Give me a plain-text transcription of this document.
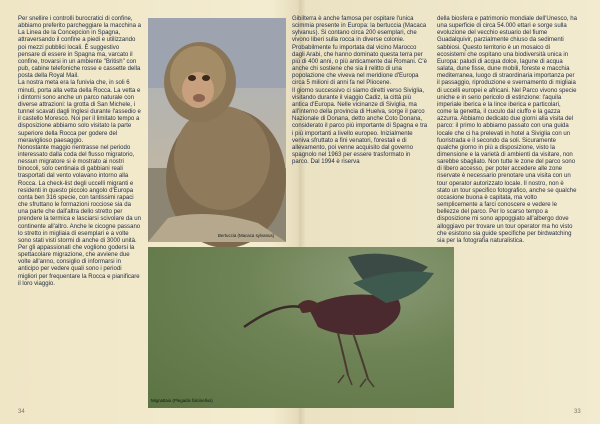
Per snellire i controlli burocratici di confine, abbiamo preferito parcheggiare la macchina a La Linea de la Concepcion in Spagna, attraversando il confine a piedi e utilizzando poi mezzi pubblici locali. È suggestivo pensare di essere in Spagna ma, varcato il confine, trovarsi in un ambiente "British" con pub, cabine telefoniche rosse e cassette della posta della Royal Mail.
La nostra meta era la funivia che, in soli 6 minuti, porta alla vetta della Rocca. La vetta e i dintorni sono anche un parco naturale con diverse attrazioni: la grotta di San Michele, i tunnel scavati dagli Inglesi durante l'assedio e il castello Moresco. Noi per il limitato tempo a disposizione abbiamo solo visitato la parte superiore della Rocca per godere del meraviglioso paesaggio.
Nonostante maggio rientrasse nel periodo interessato dalla coda del flusso migratorio, nessun migratore si è mostrato ai nostri binocoli, solo centinaia di gabbiani reali trasportati dal vento volavano intorno alla Rocca. La check-list degli uccelli migranti e residenti in questo piccolo angolo d'Europa conta ben 316 specie, con tantissimi rapaci che sfruttano le formazioni rocciose sia da una parte che dall'altra dello stretto per prendere la termica e lasciarsi scivolare da un continente all'altro. Anche le cicogne passano lo stretto in migliaia di esemplari e a volte sono stati visti stormi di anche di 3000 unità. Per gli appassionati che vogliono godersi la spettacolare migrazione, che avviene due volte all'anno, consiglio di informarsi in anticipo per vedere quali sono i periodi migliori per frequentare la Rocca e pianificare il loro viaggio.
Bertuccia (Macaca sylvanus)
Gibilterra è anche famosa per ospitare l'unica scimmia presente in Europa: la bertuccia (Macaca sylvanus). Si contano circa 200 esemplari, che vivono liberi sulla rocca in diverse colonie. Probabilmente fu importata dal vicino Marocco dagli Arabi, che hanno dominato questa terra per più di 400 anni, o più anticamente dai Romani. C'è anche chi sostiene che sia il relitto di una popolazione che viveva nel meridione d'Europa circa 5 milioni di anni fa nel Pliocene.
Il giorno successivo ci siamo diretti verso Siviglia, visitando durante il viaggio Cadiz, la città più antica d'Europa. Nelle vicinanze di Siviglia, ma all'interno della provincia di Huelva, sorge il parco Nazionale di Donana, detto anche Coto Donana, considerato il parco più importante di Spagna e tra i più importanti a livello europeo. Inizialmente veniva sfruttato a fini venatori, forestali e di allevamento, poi venne acquisito dal governo spagnolo nel 1963 per essere trasformato in parco. Dal 1994 è riserva
Mignattaio (Plegadis falcinellus)
della biosfera e patrimonio mondiale dell'Unesco, ha una superficie di circa 54.000 ettari e sorge sulla evoluzione del vecchio estuario del fiume Guadalquivir, parzialmente chiuso da sedimenti sabbiosi. Questo territorio è un mosaico di ecosistemi che ospitano una biodiversità unica in Europa: paludi di acqua dolce, lagune di acqua salata, dune fisse, dune mobili, foreste e macchia mediterranea, luogo di straordinaria importanza per il passaggio, riproduzione e svernamento di migliaia di uccelli europei e africani. Nel Parco vivono specie uniche e in serio pericolo di estinzione: l'aquila imperiale iberica e la lince iberica e particolari, come la genetta, il cuculo dal ciuffo e la gazza azzurra. Abbiamo dedicato due giorni alla visita del parco: il primo lo abbiamo passato con una guida locale che ci ha prelevati in hotel a Siviglia con un fuoristrada e il secondo da soli. Sicuramente qualche giorno in più a disposizione, visto la dimensione e la varietà di ambienti da visitare, non sarebbe sbagliato. Non tutte le zone del parco sono di libero accesso, per poter accedere alle zone riservate è necessario prenotare una visita con un tour operator autorizzato locale. Il nostro, non è stato un tour specifico fotografico, anche se qualche occasione buona è capitata, ma volto semplicemente a farci conoscere e vedere le bellezze del parco. Per lo scarso tempo a disposizione mi sono appoggiato all'albergo dove alloggiavo per trovare un tour operator ma ho visto che esistono sia guide specifiche per birdwatching sia per la fotografia naturalistica.
34	33
